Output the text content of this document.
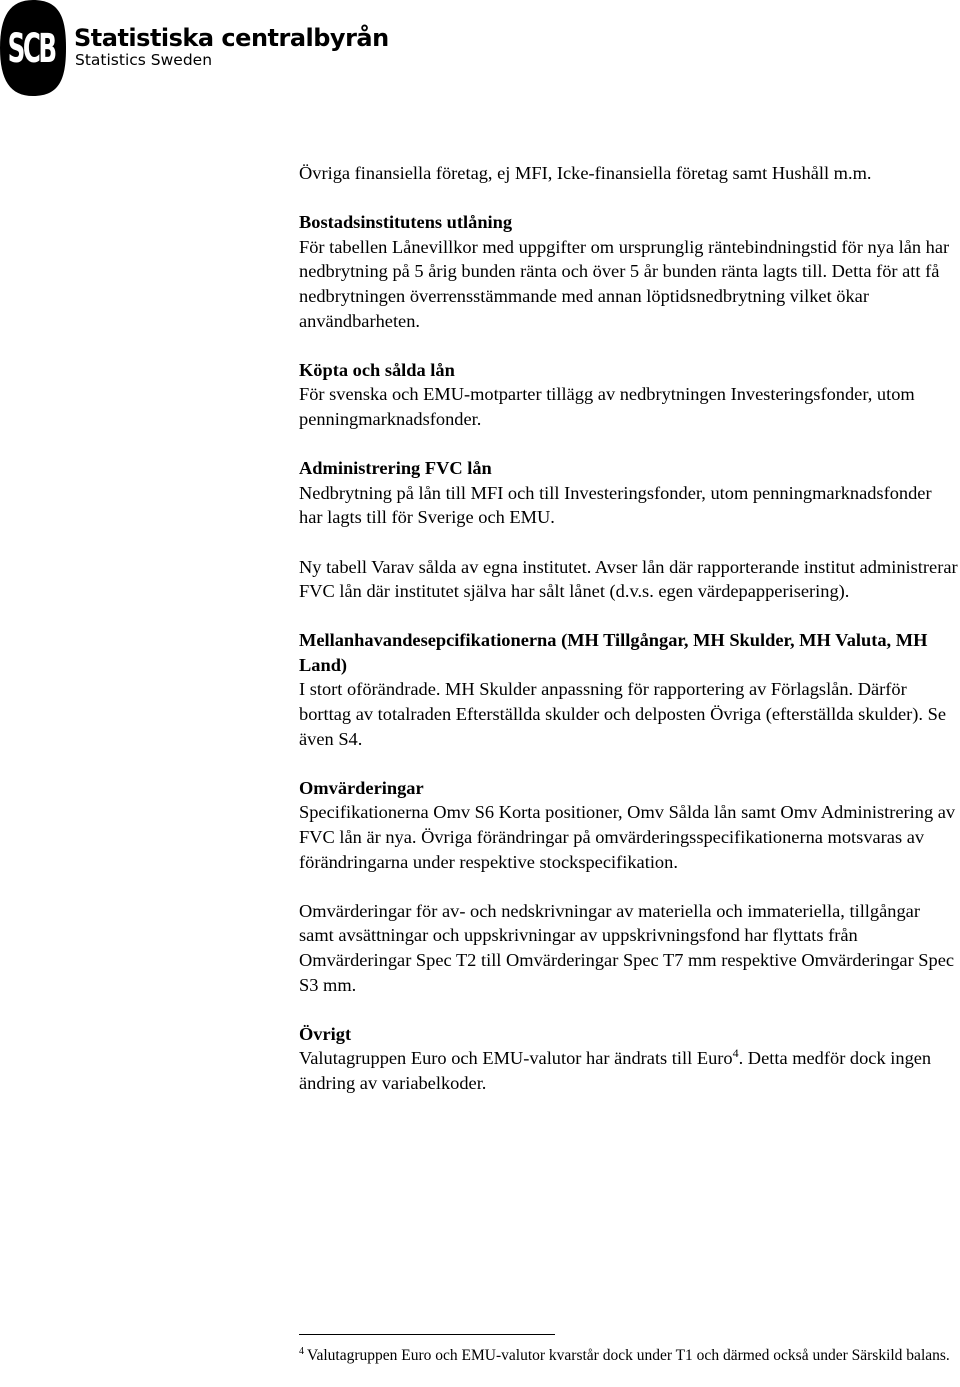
SCB Statistiska centralbyrån
Statistics Sweden

Övriga finansiella företag, ej MFI, Icke-finansiella företag samt Hushåll m.m.

Bostadsinstitutens utlåning
För tabellen Lånevillkor med uppgifter om ursprunglig räntebindningstid för nya lån har nedbrytning på 5 årig bunden ränta och över 5 år bunden ränta lagts till. Detta för att få nedbrytningen överrensstämmande med annan löptidsnedbrytning vilket ökar användbarheten.

Köpta och sålda lån
För svenska och EMU-motparter tillägg av nedbrytningen Investeringsfonder, utom penningmarknadsfonder.

Administrering FVC lån
Nedbrytning på lån till MFI och till Investeringsfonder, utom penningmarknadsfonder har lagts till för Sverige och EMU.

Ny tabell Varav sålda av egna institutet. Avser lån där rapporterande institut administrerar FVC lån där institutet själva har sålt lånet (d.v.s. egen värdepapperisering).

Mellanhavandesepcifikationerna (MH Tillgångar, MH Skulder, MH Valuta, MH Land)
I stort oförändrade. MH Skulder anpassning för rapportering av Förlagslån. Därför borttag av totalraden Efterställda skulder och delposten Övriga (efterställda skulder). Se även S4.

Omvärderingar
Specifikationerna Omv S6 Korta positioner, Omv Sålda lån samt Omv Administrering av FVC lån är nya. Övriga förändringar på omvärderingsspecifikationerna motsvaras av förändringarna under respektive stockspecifikation.

Omvärderingar för av- och nedskrivningar av materiella och immateriella, tillgångar samt avsättningar och uppskrivningar av uppskrivningsfond har flyttats från Omvärderingar Spec T2 till Omvärderingar Spec T7 mm respektive Omvärderingar Spec S3 mm.

Övrigt
Valutagruppen Euro och EMU-valutor har ändrats till Euro$^4$. Detta medför dock ingen ändring av variabelkoder.

$^4$ Valutagruppen Euro och EMU-valutor kvarstår dock under T1 och därmed också under Särskild balans.
